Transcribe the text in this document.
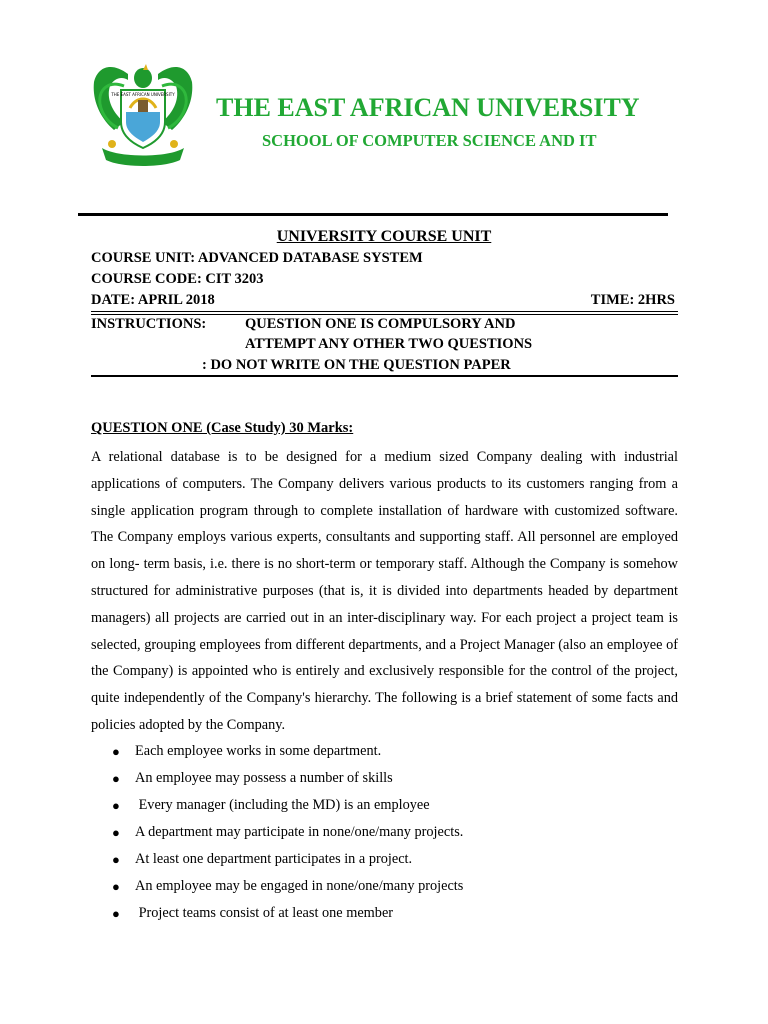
THE EAST AFRICAN UNIVERSITY THE EAST AFRICAN UNIVERSITY
SCHOOL OF COMPUTER SCIENCE AND IT
UNIVERSITY COURSE UNIT
COURSE UNIT: ADVANCED DATABASE SYSTEM
COURSE CODE: CIT 3203
DATE: APRIL 2018	TIME: 2HRS
INSTRUCTIONS:	QUESTION ONE IS COMPULSORY AND
ATTEMPT ANY OTHER TWO QUESTIONS
: DO NOT WRITE ON THE QUESTION PAPER
QUESTION ONE (Case Study) 30 Marks:

A relational database is to be designed for a medium sized Company dealing with industrial applications of computers. The Company delivers various products to its customers ranging from a single application program through to complete installation of hardware with customized software. The Company employs various experts, consultants and supporting staff. All personnel are employed on long- term basis, i.e. there is no short-term or temporary staff. Although the Company is somehow structured for administrative purposes (that is, it is divided into departments headed by department managers) all projects are carried out in an inter-disciplinary way. For each project a project team is selected, grouping employees from different departments, and a Project Manager (also an employee of the Company) is appointed who is entirely and exclusively responsible for the control of the project, quite independently of the Company's hierarchy. The following is a brief statement of some facts and policies adopted by the Company.

● Each employee works in some department.
● An employee may possess a number of skills
● Every manager (including the MD) is an employee
● A department may participate in none/one/many projects.
● At least one department participates in a project.
● An employee may be engaged in none/one/many projects
● Project teams consist of at least one member
